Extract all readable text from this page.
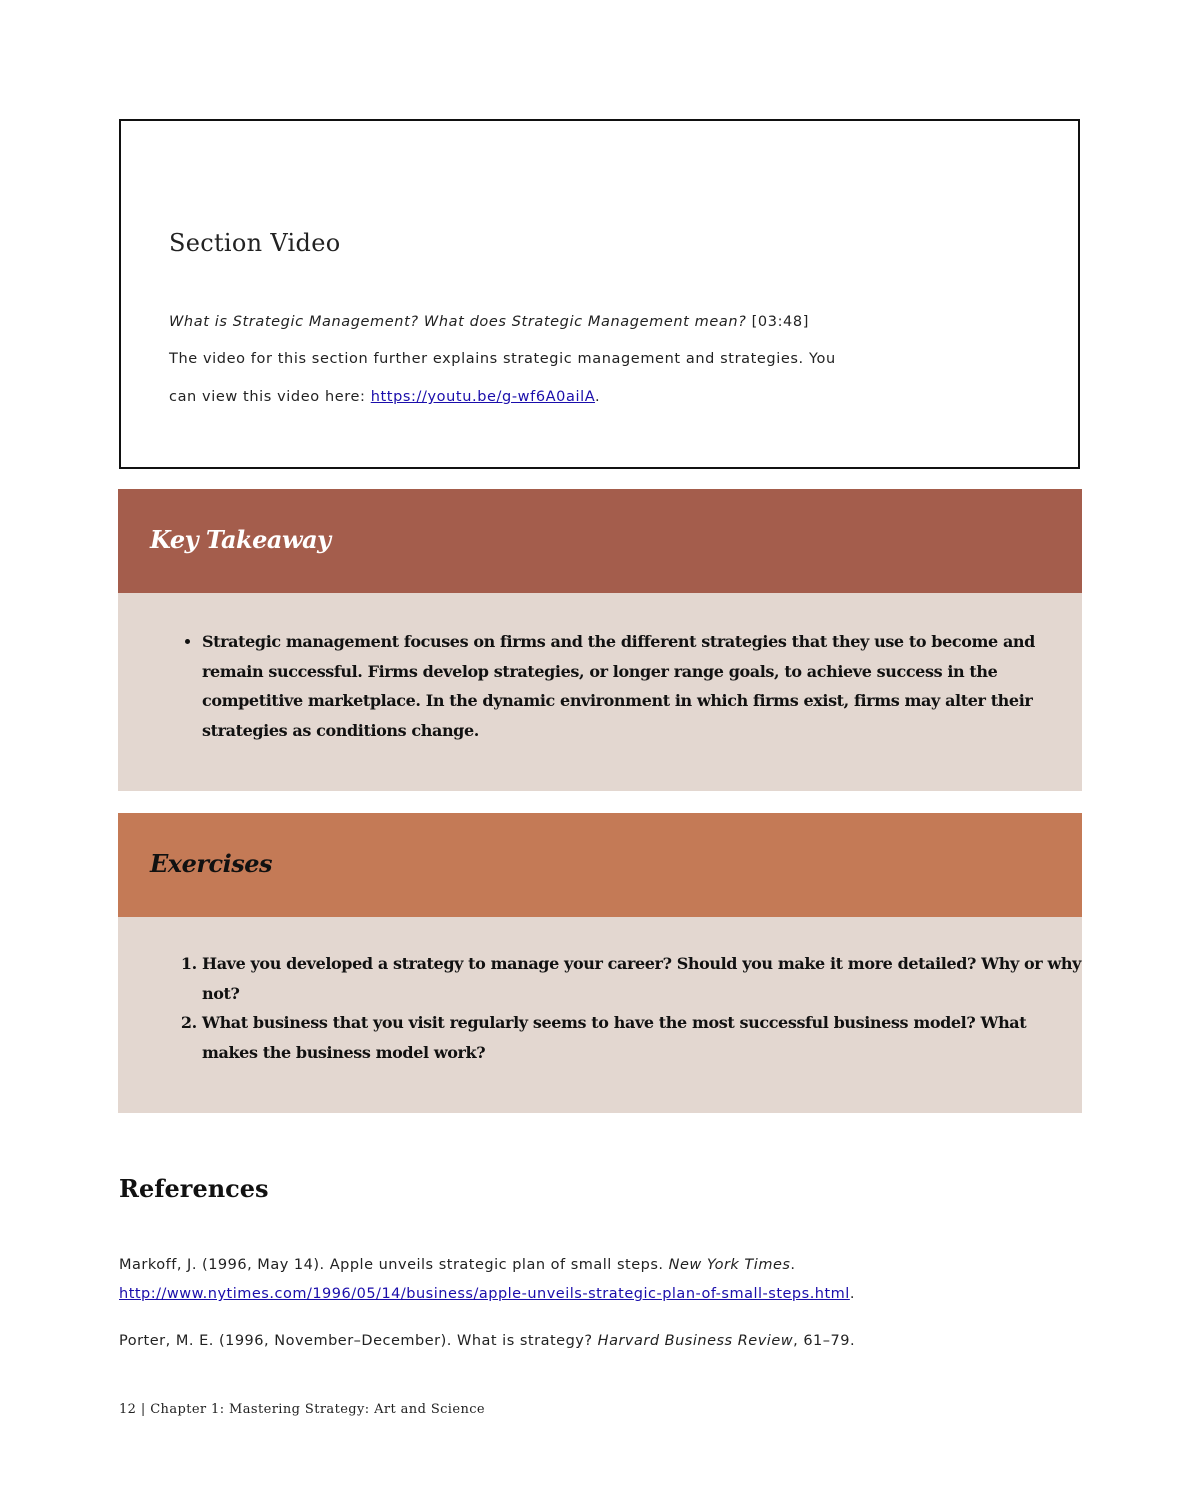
Section Video
What is Strategic Management? What does Strategic Management mean? [03:48]
The video for this section further explains strategic management and strategies. You
can view this video here: https://youtu.be/g-wf6A0ailA.
Key Takeaway
• Strategic management focuses on firms and the different strategies that they use to become and remain successful. Firms develop strategies, or longer range goals, to achieve success in the competitive marketplace. In the dynamic environment in which firms exist, firms may alter their strategies as conditions change.
Exercises
1. Have you developed a strategy to manage your career? Should you make it more detailed? Why or why not?
2. What business that you visit regularly seems to have the most successful business model? What makes the business model work?
References
Markoff, J. (1996, May 14). Apple unveils strategic plan of small steps. New York Times.
http://www.nytimes.com/1996/05/14/business/apple-unveils-strategic-plan-of-small-steps.html.
Porter, M. E. (1996, November–December). What is strategy? Harvard Business Review, 61–79.
12 | Chapter 1: Mastering Strategy: Art and Science
